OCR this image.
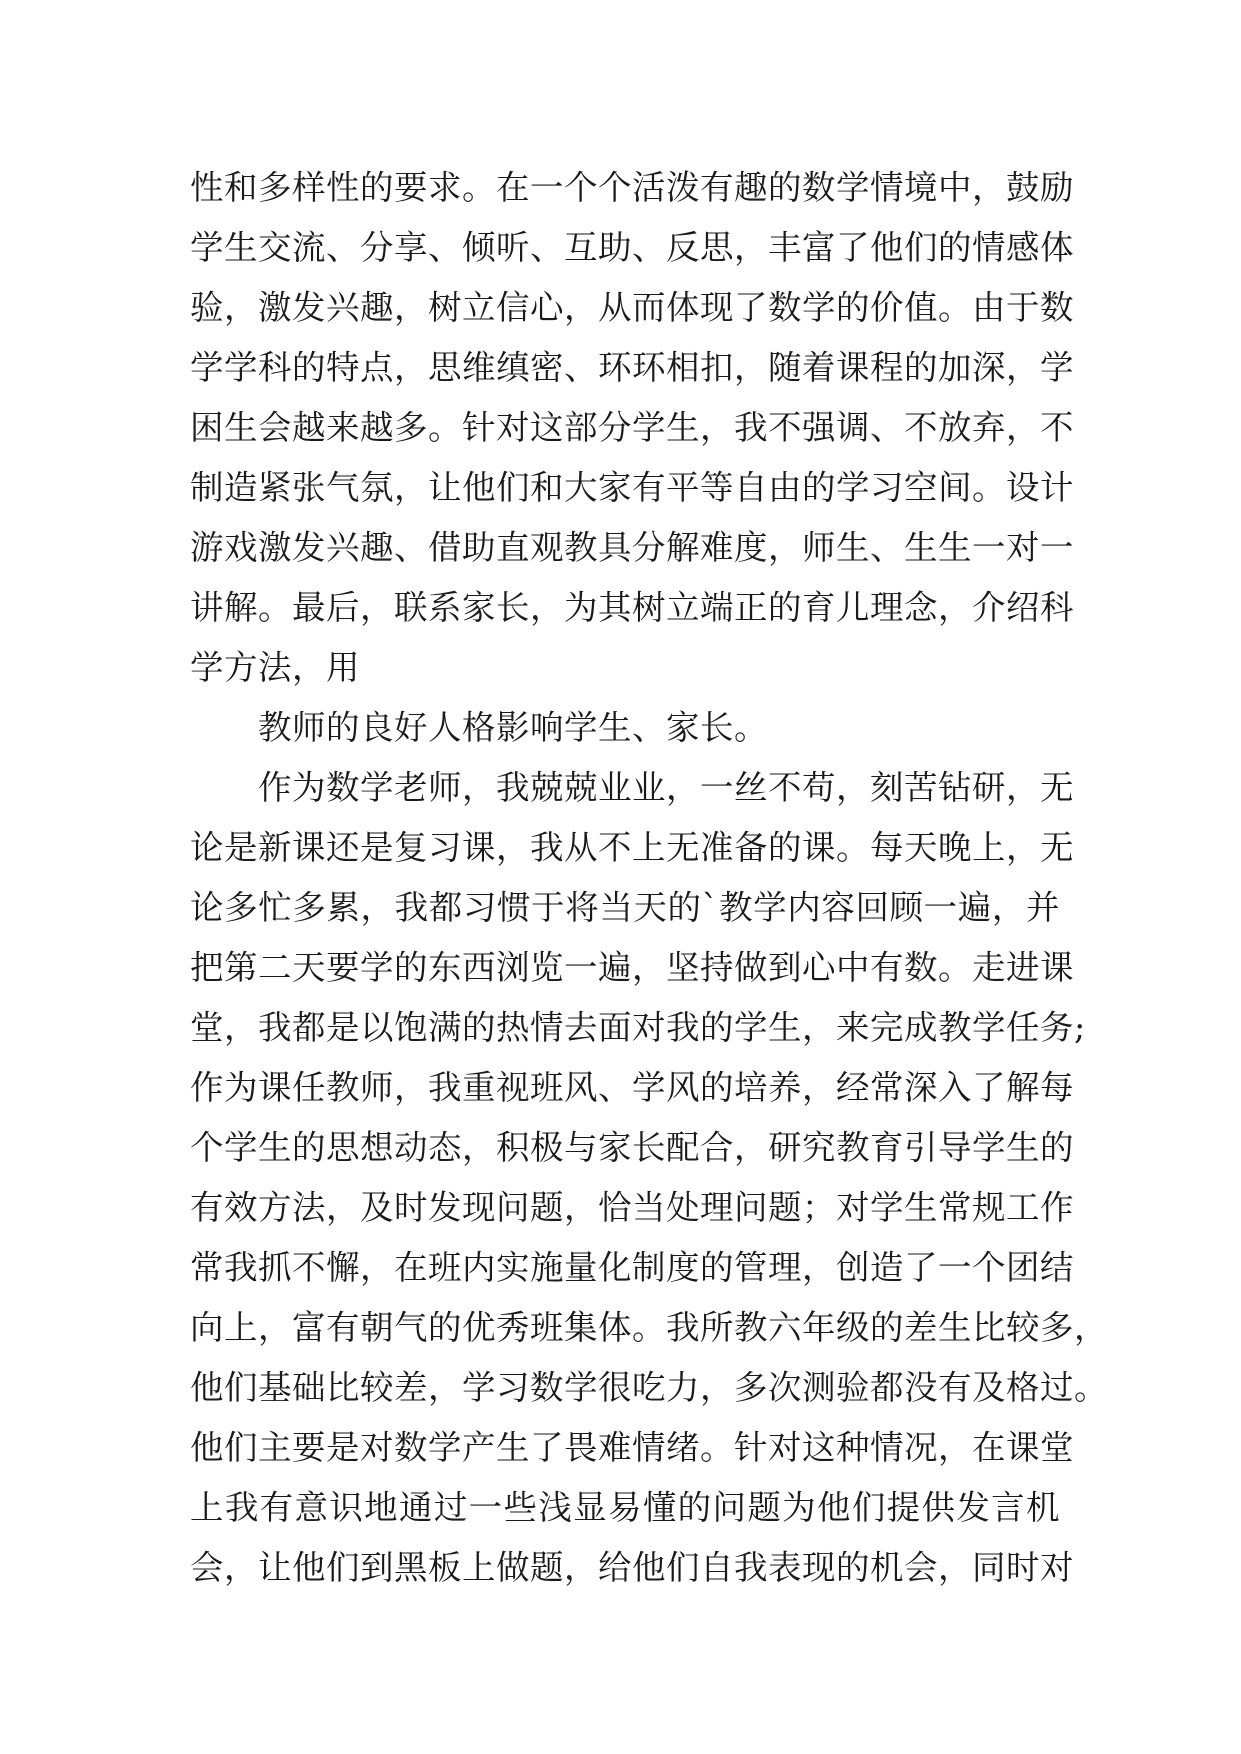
性和多样性的要求。在一个个活泼有趣的数学情境中，鼓励
学生交流、分享、倾听、互助、反思，丰富了他们的情感体
验，激发兴趣，树立信心，从而体现了数学的价值。由于数
学学科的特点，思维缜密、环环相扣，随着课程的加深，学
困生会越来越多。针对这部分学生，我不强调、不放弃，不
制造紧张气氛，让他们和大家有平等自由的学习空间。设计
游戏激发兴趣、借助直观教具分解难度，师生、生生一对一
讲解。最后，联系家长，为其树立端正的育儿理念，介绍科
学方法，用
教师的良好人格影响学生、家长。
作为数学老师，我兢兢业业，一丝不苟，刻苦钻研，无
论是新课还是复习课，我从不上无准备的课。每天晚上，无
论多忙多累，我都习惯于将当天的`教学内容回顾一遍，并
把第二天要学的东西浏览一遍，坚持做到心中有数。走进课
堂，我都是以饱满的热情去面对我的学生，来完成教学任务;
作为课任教师，我重视班风、学风的培养，经常深入了解每
个学生的思想动态，积极与家长配合，研究教育引导学生的
有效方法，及时发现问题，恰当处理问题；对学生常规工作
常我抓不懈，在班内实施量化制度的管理，创造了一个团结
向上，富有朝气的优秀班集体。我所教六年级的差生比较多，
他们基础比较差，学习数学很吃力，多次测验都没有及格过。
他们主要是对数学产生了畏难情绪。针对这种情况，在课堂
上我有意识地通过一些浅显易懂的问题为他们提供发言机
会，让他们到黑板上做题，给他们自我表现的机会，同时对
